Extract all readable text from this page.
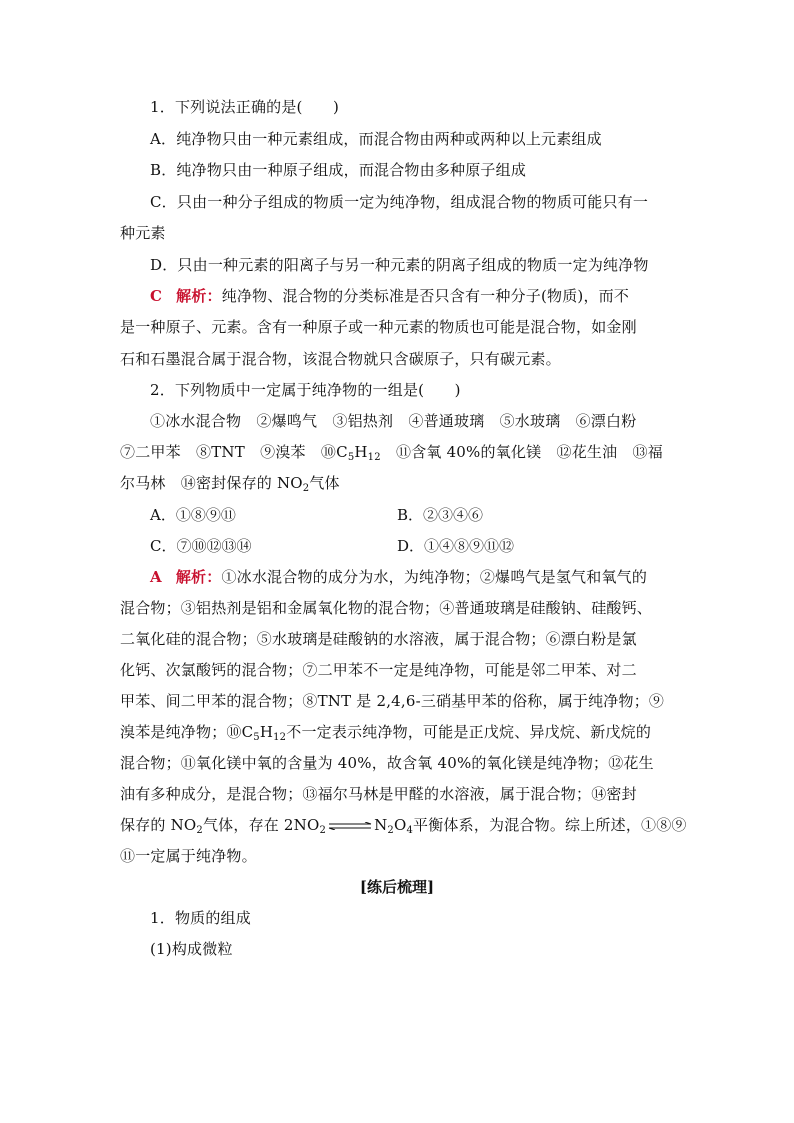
1．下列说法正确的是(　　)
A．纯净物只由一种元素组成，而混合物由两种或两种以上元素组成
B．纯净物只由一种原子组成，而混合物由多种原子组成
C．只由一种分子组成的物质一定为纯净物，组成混合物的物质可能只有一
种元素
D．只由一种元素的阳离子与另一种元素的阴离子组成的物质一定为纯净物
C 解析：纯净物、混合物的分类标准是否只含有一种分子(物质)，而不
是一种原子、元素。含有一种原子或一种元素的物质也可能是混合物，如金刚
石和石墨混合属于混合物，该混合物就只含碳原子，只有碳元素。
2．下列物质中一定属于纯净物的一组是(　　)
①冰水混合物　②爆鸣气　③铝热剂　④普通玻璃　⑤水玻璃　⑥漂白粉
⑦二甲苯　⑧TNT　⑨溴苯　$⑩C_5H_{12}$　⑪含氧 40%的氧化镁　⑫花生油　⑬福
尔马林　⑭密封保存的 $NO_2$气体
A．①⑧⑨⑪	B．②③④⑥
C．⑦⑩⑫⑬⑭	D．①④⑧⑨⑪⑫
A 解析：①冰水混合物的成分为水，为纯净物；②爆鸣气是氢气和氧气的
混合物；③铝热剂是铝和金属氧化物的混合物；④普通玻璃是硅酸钠、硅酸钙、
二氧化硅的混合物；⑤水玻璃是硅酸钠的水溶液，属于混合物；⑥漂白粉是氯
化钙、次氯酸钙的混合物；⑦二甲苯不一定是纯净物，可能是邻二甲苯、对二
甲苯、间二甲苯的混合物；⑧TNT 是 2,4,6-三硝基甲苯的俗称，属于纯净物；⑨
溴苯是纯净物；$⑩C_5H_{12}$不一定表示纯净物，可能是正戊烷、异戊烷、新戊烷的
混合物；⑪氧化镁中氧的含量为 40%，故含氧 40%的氧化镁是纯净物；⑫花生
油有多种成分，是混合物；⑬福尔马林是甲醛的水溶液，属于混合物；⑭密封
保存的 $NO_2$气体，存在 $2NO_2\rightleftharpoons N_2O_4$平衡体系，为混合物。综上所述，①⑧⑨
⑪一定属于纯净物。
[练后梳理]
1．物质的组成
(1)构成微粒
